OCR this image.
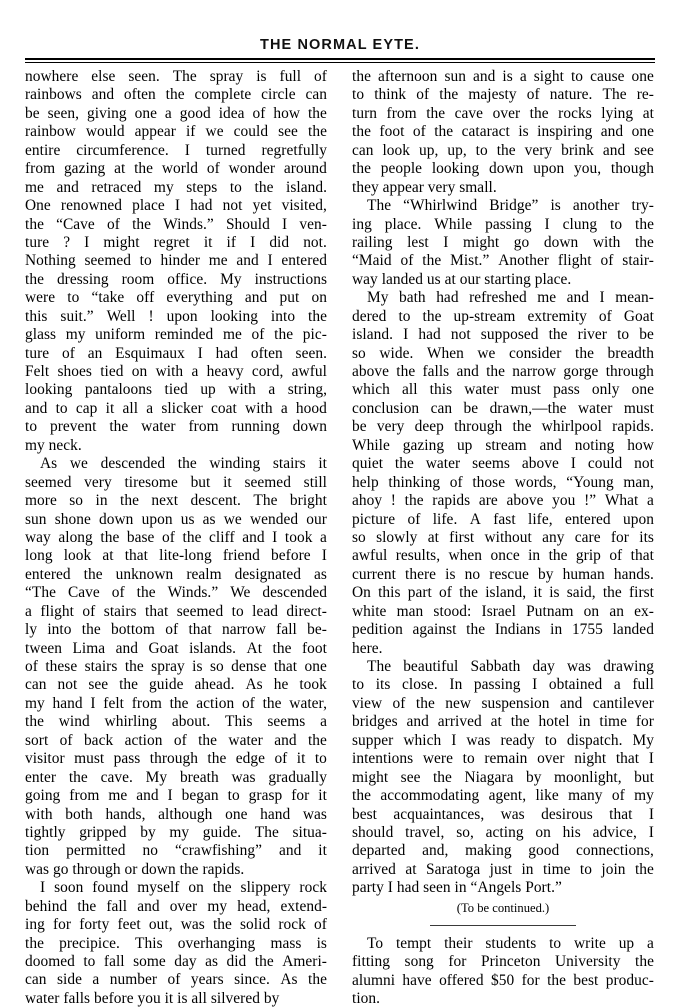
THE NORMAL EYTE.
nowhere else seen. The spray is full of
rainbows and often the complete circle can
be seen, giving one a good idea of how the
rainbow would appear if we could see the
entire circumference. I turned regretfully
from gazing at the world of wonder around
me and retraced my steps to the island.
One renowned place I had not yet visited,
the “Cave of the Winds.” Should I ven-
ture ? I might regret it if I did not.
Nothing seemed to hinder me and I entered
the dressing room office. My instructions
were to “take off everything and put on
this suit.” Well ! upon looking into the
glass my uniform reminded me of the pic-
ture of an Esquimaux I had often seen.
Felt shoes tied on with a heavy cord, awful
looking pantaloons tied up with a string,
and to cap it all a slicker coat with a hood
to prevent the water from running down
my neck.
As we descended the winding stairs it
seemed very tiresome but it seemed still
more so in the next descent. The bright
sun shone down upon us as we wended our
way along the base of the cliff and I took a
long look at that lite-long friend before I
entered the unknown realm designated as
“The Cave of the Winds.” We descended
a flight of stairs that seemed to lead direct-
ly into the bottom of that narrow fall be-
tween Lima and Goat islands. At the foot
of these stairs the spray is so dense that one
can not see the guide ahead. As he took
my hand I felt from the action of the water,
the wind whirling about. This seems a
sort of back action of the water and the
visitor must pass through the edge of it to
enter the cave. My breath was gradually
going from me and I began to grasp for it
with both hands, although one hand was
tightly gripped by my guide. The situa-
tion permitted no “crawfishing” and it
was go through or down the rapids.
I soon found myself on the slippery rock
behind the fall and over my head, extend-
ing for forty feet out, was the solid rock of
the precipice. This overhanging mass is
doomed to fall some day as did the Ameri-
can side a number of years since. As the
water falls before you it is all silvered by
the afternoon sun and is a sight to cause one
to think of the majesty of nature. The re-
turn from the cave over the rocks lying at
the foot of the cataract is inspiring and one
can look up, up, to the very brink and see
the people looking down upon you, though
they appear very small.
The “Whirlwind Bridge” is another try-
ing place. While passing I clung to the
railing lest I might go down with the
“Maid of the Mist.” Another flight of stair-
way landed us at our starting place.
My bath had refreshed me and I mean-
dered to the up-stream extremity of Goat
island. I had not supposed the river to be
so wide. When we consider the breadth
above the falls and the narrow gorge through
which all this water must pass only one
conclusion can be drawn,—the water must
be very deep through the whirlpool rapids.
While gazing up stream and noting how
quiet the water seems above I could not
help thinking of those words, “Young man,
ahoy ! the rapids are above you !” What a
picture of life. A fast life, entered upon
so slowly at first without any care for its
awful results, when once in the grip of that
current there is no rescue by human hands.
On this part of the island, it is said, the first
white man stood: Israel Putnam on an ex-
pedition against the Indians in 1755 landed
here.
The beautiful Sabbath day was drawing
to its close. In passing I obtained a full
view of the new suspension and cantilever
bridges and arrived at the hotel in time for
supper which I was ready to dispatch. My
intentions were to remain over night that I
might see the Niagara by moonlight, but
the accommodating agent, like many of my
best acquaintances, was desirous that I
should travel, so, acting on his advice, I
departed and, making good connections,
arrived at Saratoga just in time to join the
party I had seen in “Angels Port.”
(To be continued.)
To tempt their students to write up a
fitting song for Princeton University the
alumni have offered $50 for the best produc-
tion.
